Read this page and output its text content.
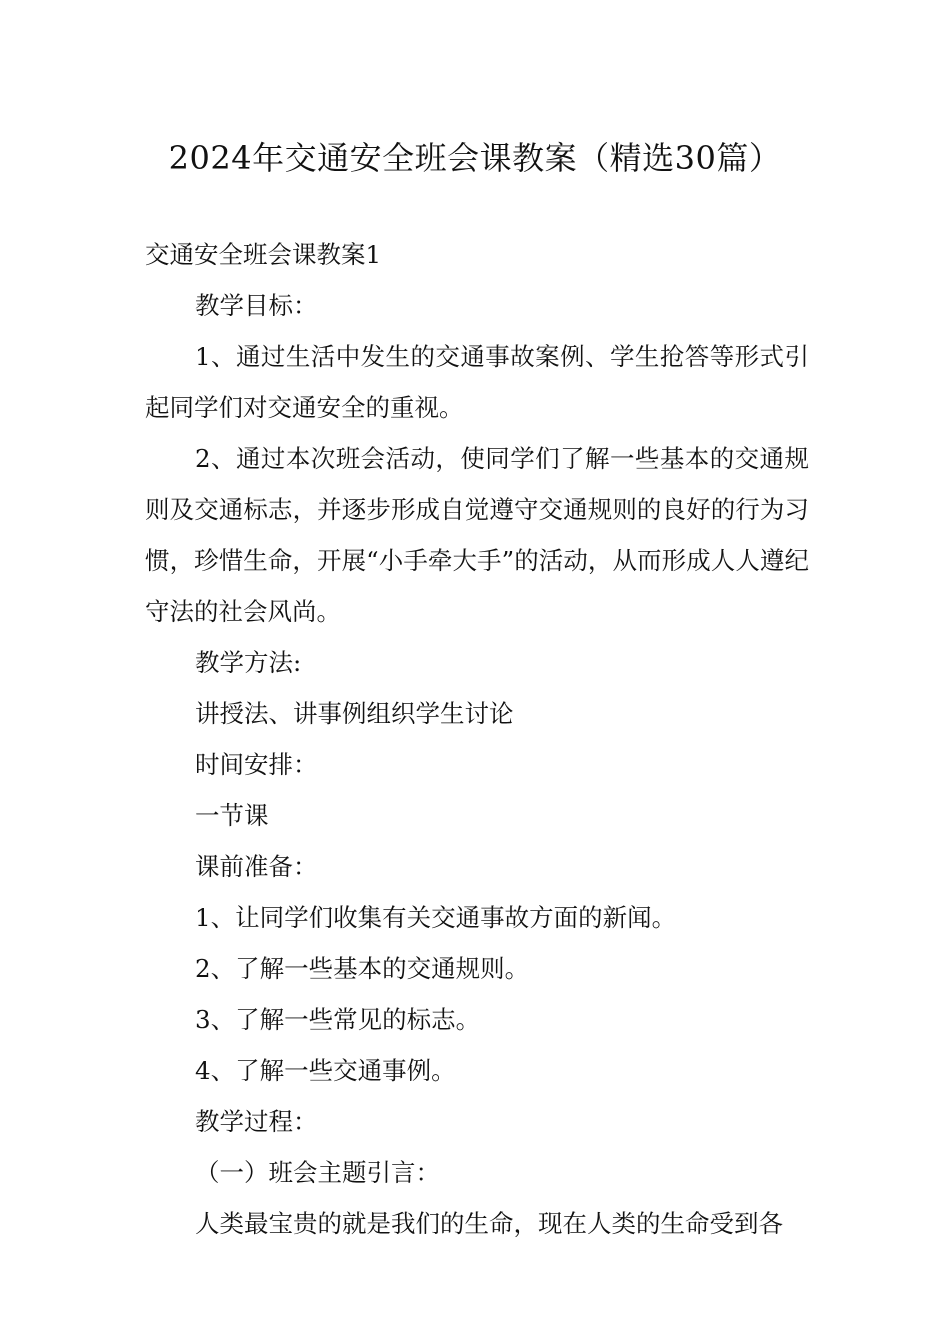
2024年交通安全班会课教案（精选30篇）

交通安全班会课教案1

教学目标：

1、通过生活中发生的交通事故案例、学生抢答等形式引起同学们对交通安全的重视。

2、通过本次班会活动，使同学们了解一些基本的交通规则及交通标志，并逐步形成自觉遵守交通规则的良好的行为习惯，珍惜生命，开展“小手牵大手”的活动，从而形成人人遵纪守法的社会风尚。

教学方法:

讲授法、讲事例组织学生讨论

时间安排：

一节课

课前准备：

1、让同学们收集有关交通事故方面的新闻。

2、了解一些基本的交通规则。

3、了解一些常见的标志。

4、了解一些交通事例。

教学过程：

（一）班会主题引言：

人类最宝贵的就是我们的生命，现在人类的生命受到各
